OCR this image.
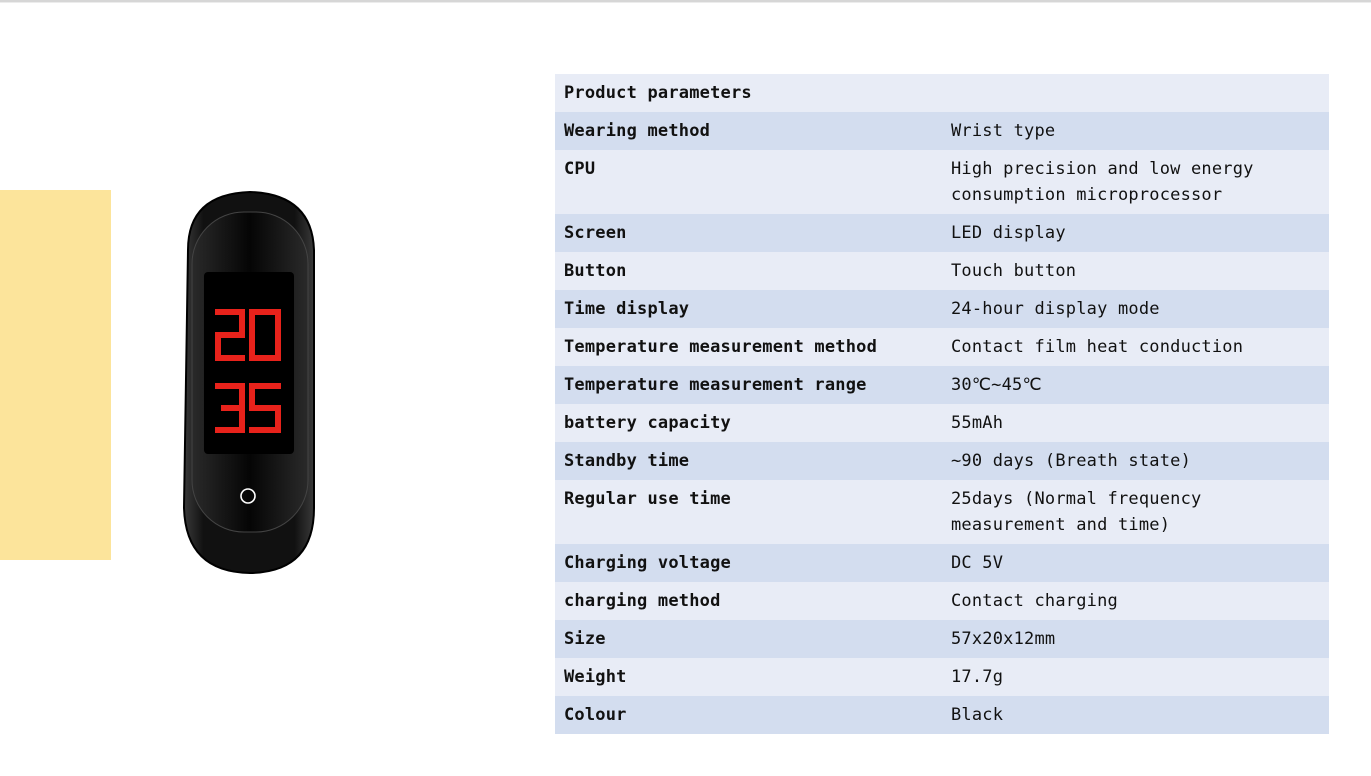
Product parameters	
Wearing method	Wrist type
CPU	High precision and low energy consumption microprocessor
Screen	LED display
Button	Touch button
Time display	24-hour display mode
Temperature measurement method	Contact film heat conduction
Temperature measurement range	30℃~45℃
battery capacity	55mAh
Standby time	~90 days (Breath state)
Regular use time	25days (Normal frequency measurement and time)
Charging voltage	DC 5V
charging method	Contact charging
Size	57x20x12mm
Weight	17.7g
Colour	Black
